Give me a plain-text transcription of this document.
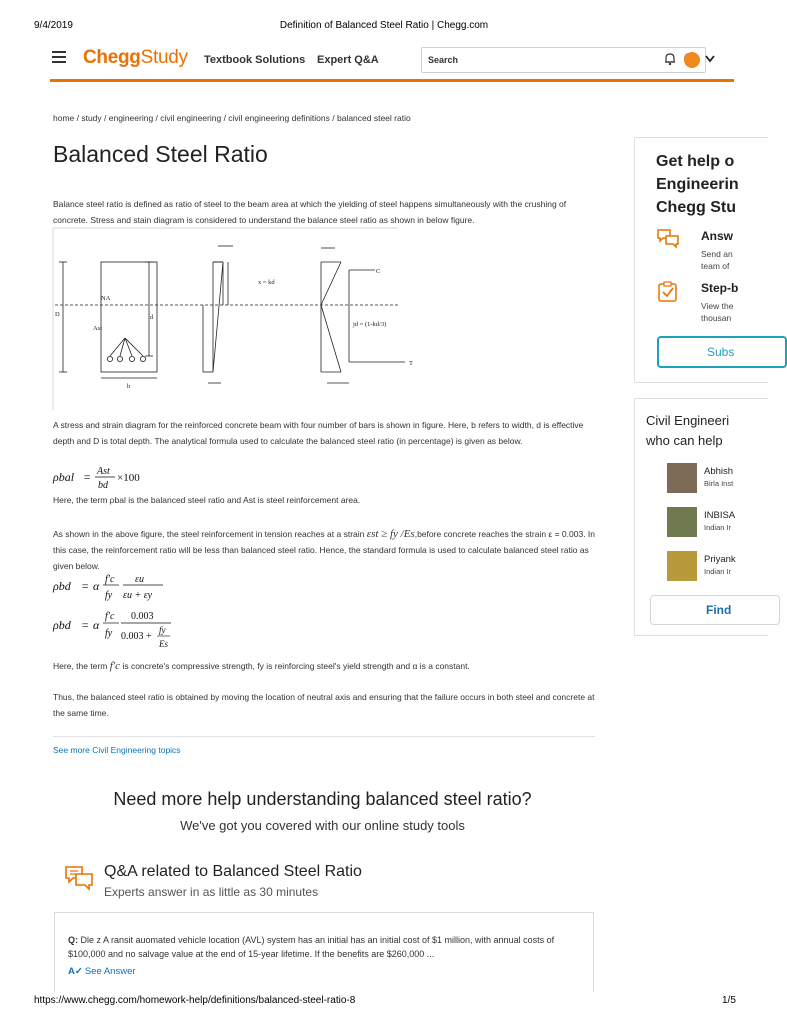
9/4/2019	Definition of Balanced Steel Ratio | Chegg.com
CheggStudy Textbook Solutions Expert Q&A	Search
home / study / engineering / civil engineering / civil engineering definitions / balanced steel ratio
Balanced Steel Ratio
Balance steel ratio is defined as ratio of steel to the beam area at which the yielding of steel happens simultaneously with the crushing of concrete. Stress and stain diagram is considered to understand the balance steel ratio as shown in below figure.
NA
Ast
b
D	d
x = kd
C
T
jd = (1-kd/3)
A stress and strain diagram for the reinforced concrete beam with four number of bars is shown in figure. Here, b refers to width, d is effective depth and D is total depth. The analytical formula used to calculate the balanced steel ratio (in percentage) is given as below.
ρbal = Ast
bd
×100
Here, the term ρbal is the balanced steel ratio and Ast is steel reinforcement area.
As shown in the above figure, the steel reinforcement in tension reaches at a strain εst ≥ fy /Es,before concrete reaches the strain ε = 0.003. In this case, the reinforcement ratio will be less than balanced steel ratio. Hence, the standard formula is used to calculate balanced steel ratio as given below.
ρbd = α f′c
fy
εu
εu + εy
ρbd = α
f′c
fy
0.003
0.003 +
fy
Es
Here, the term f′c is concrete's compressive strength, fy is reinforcing steel's yield strength and α is a constant.
Thus, the balanced steel ratio is obtained by moving the location of neutral axis and ensuring that the failure occurs in both steel and concrete at the same time.
See more Civil Engineering topics
Need more help understanding balanced steel ratio?
We've got you covered with our online study tools
Q&A related to Balanced Steel Ratio
Experts answer in as little as 30 minutes
Q: Dle z A ransit auomated vehicle location (AVL) system has an initial has an initial cost of $1 million, with annual costs of $100,000 and no salvage value at the end of 15-year lifetime. If the benefits are $260,000 ...
A✓ See Answer
Get help o
Engineerin
Chegg Stu
Answ
Send an
team of
Step-b
View the
thousan
Subs
Civil Engineeri
who can help
Abhish
Birla Inst
INBISA
Indian Ir
Priyank
Indian Ir
Find
https://www.chegg.com/homework-help/definitions/balanced-steel-ratio-8	1/5
